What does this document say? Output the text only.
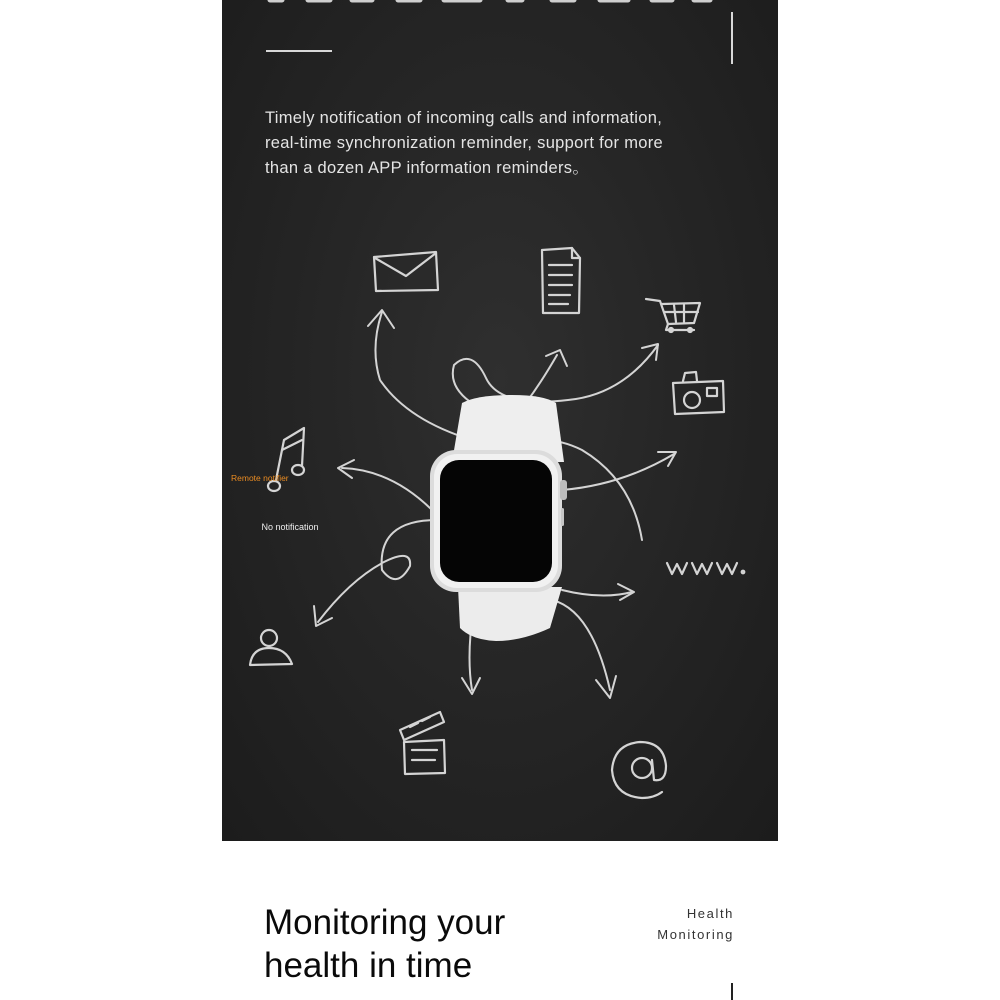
Timely notification of incoming calls and information,
real-time synchronization reminder, support for more
than a dozen APP information reminders。
Remote notifier
No notification
Monitoring your
health in time
Health
Monitoring
